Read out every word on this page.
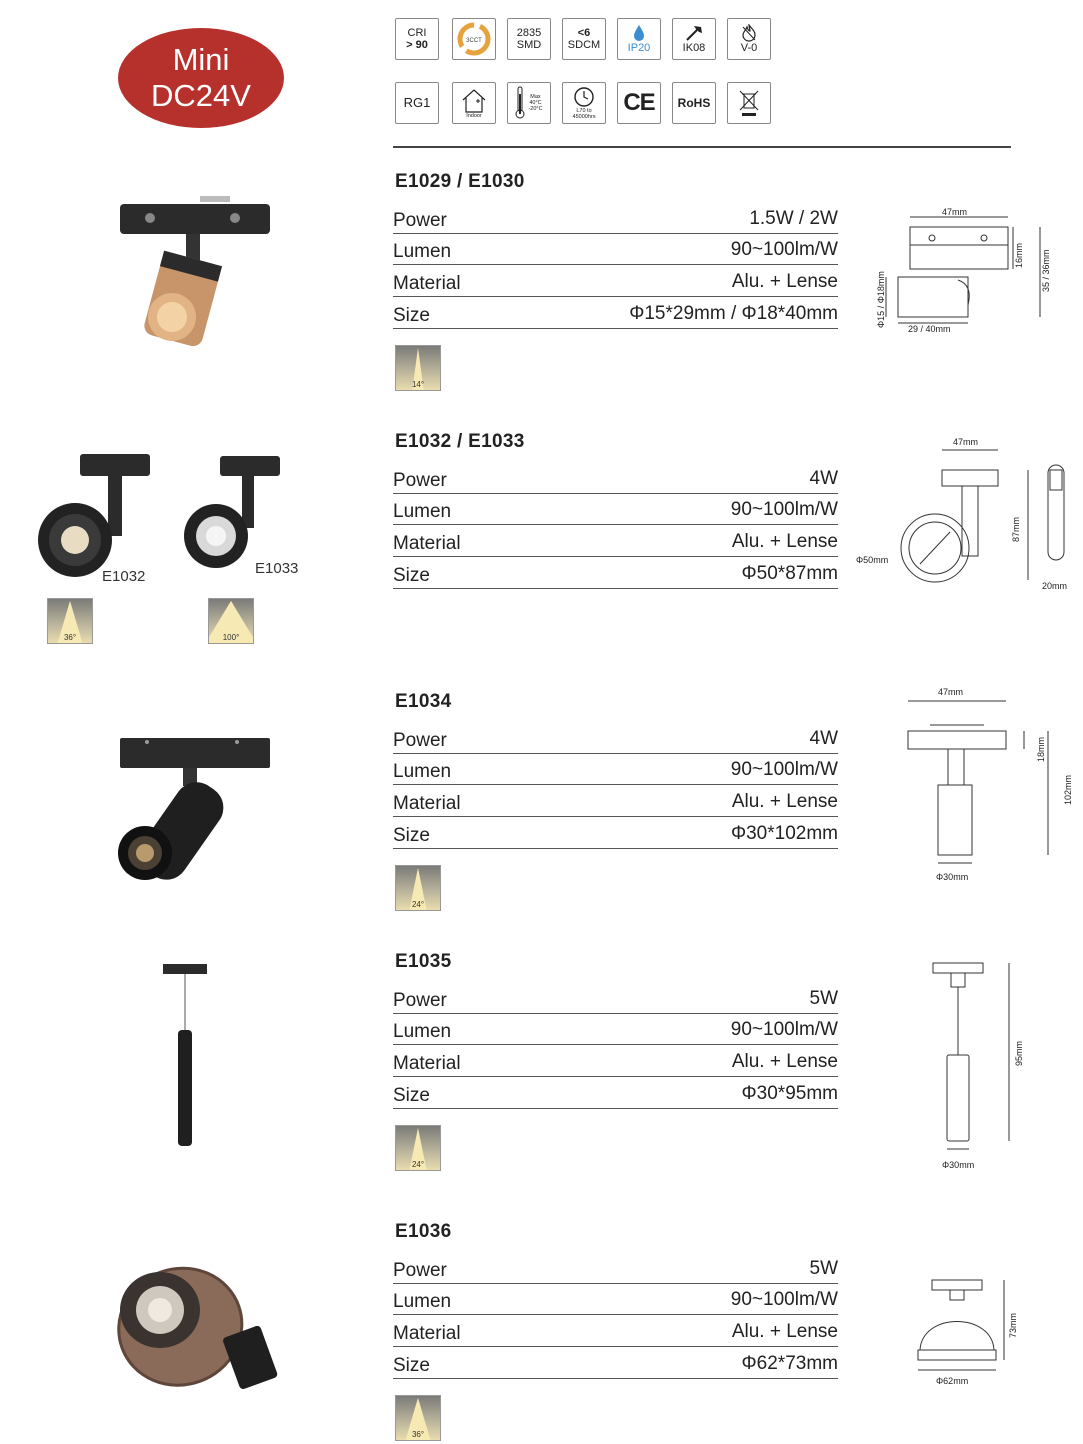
Mini
DC24V
CRI
> 90	3CCT
2835
SMD
<6
SDCM IP20	IK08	V-0
RG1
Indoor
Max
40°C
-20°C	L70 to
45000hrs
CE RoHS
E1029 / E1030
Power	1.5W / 2W
Lumen	90~100lm/W
Material	Alu. + Lense
Size	Φ15*29mm / Φ18*40mm
14°
47mm
16mm 35 / 36mm
Φ15 / Φ18mm
29 / 40mm
E1032 / E1033
Power	4W
Lumen	90~100lm/W
Material	Alu. + Lense
Size	Φ50*87mm
E1032	E1033
36°	100°
47mm
87mm
Φ50mm
20mm
E1034
Power	4W
Lumen	90~100lm/W
Material	Alu. + Lense
Size	Φ30*102mm
24°
47mm
18mm
102mm
Φ30mm
E1035
Power	5W
Lumen	90~100lm/W
Material	Alu. + Lense
Size	Φ30*95mm
24°
95mm
Φ30mm
E1036
Power	5W
Lumen	90~100lm/W
Material	Alu. + Lense
Size	Φ62*73mm
36°
73mm
Φ62mm
